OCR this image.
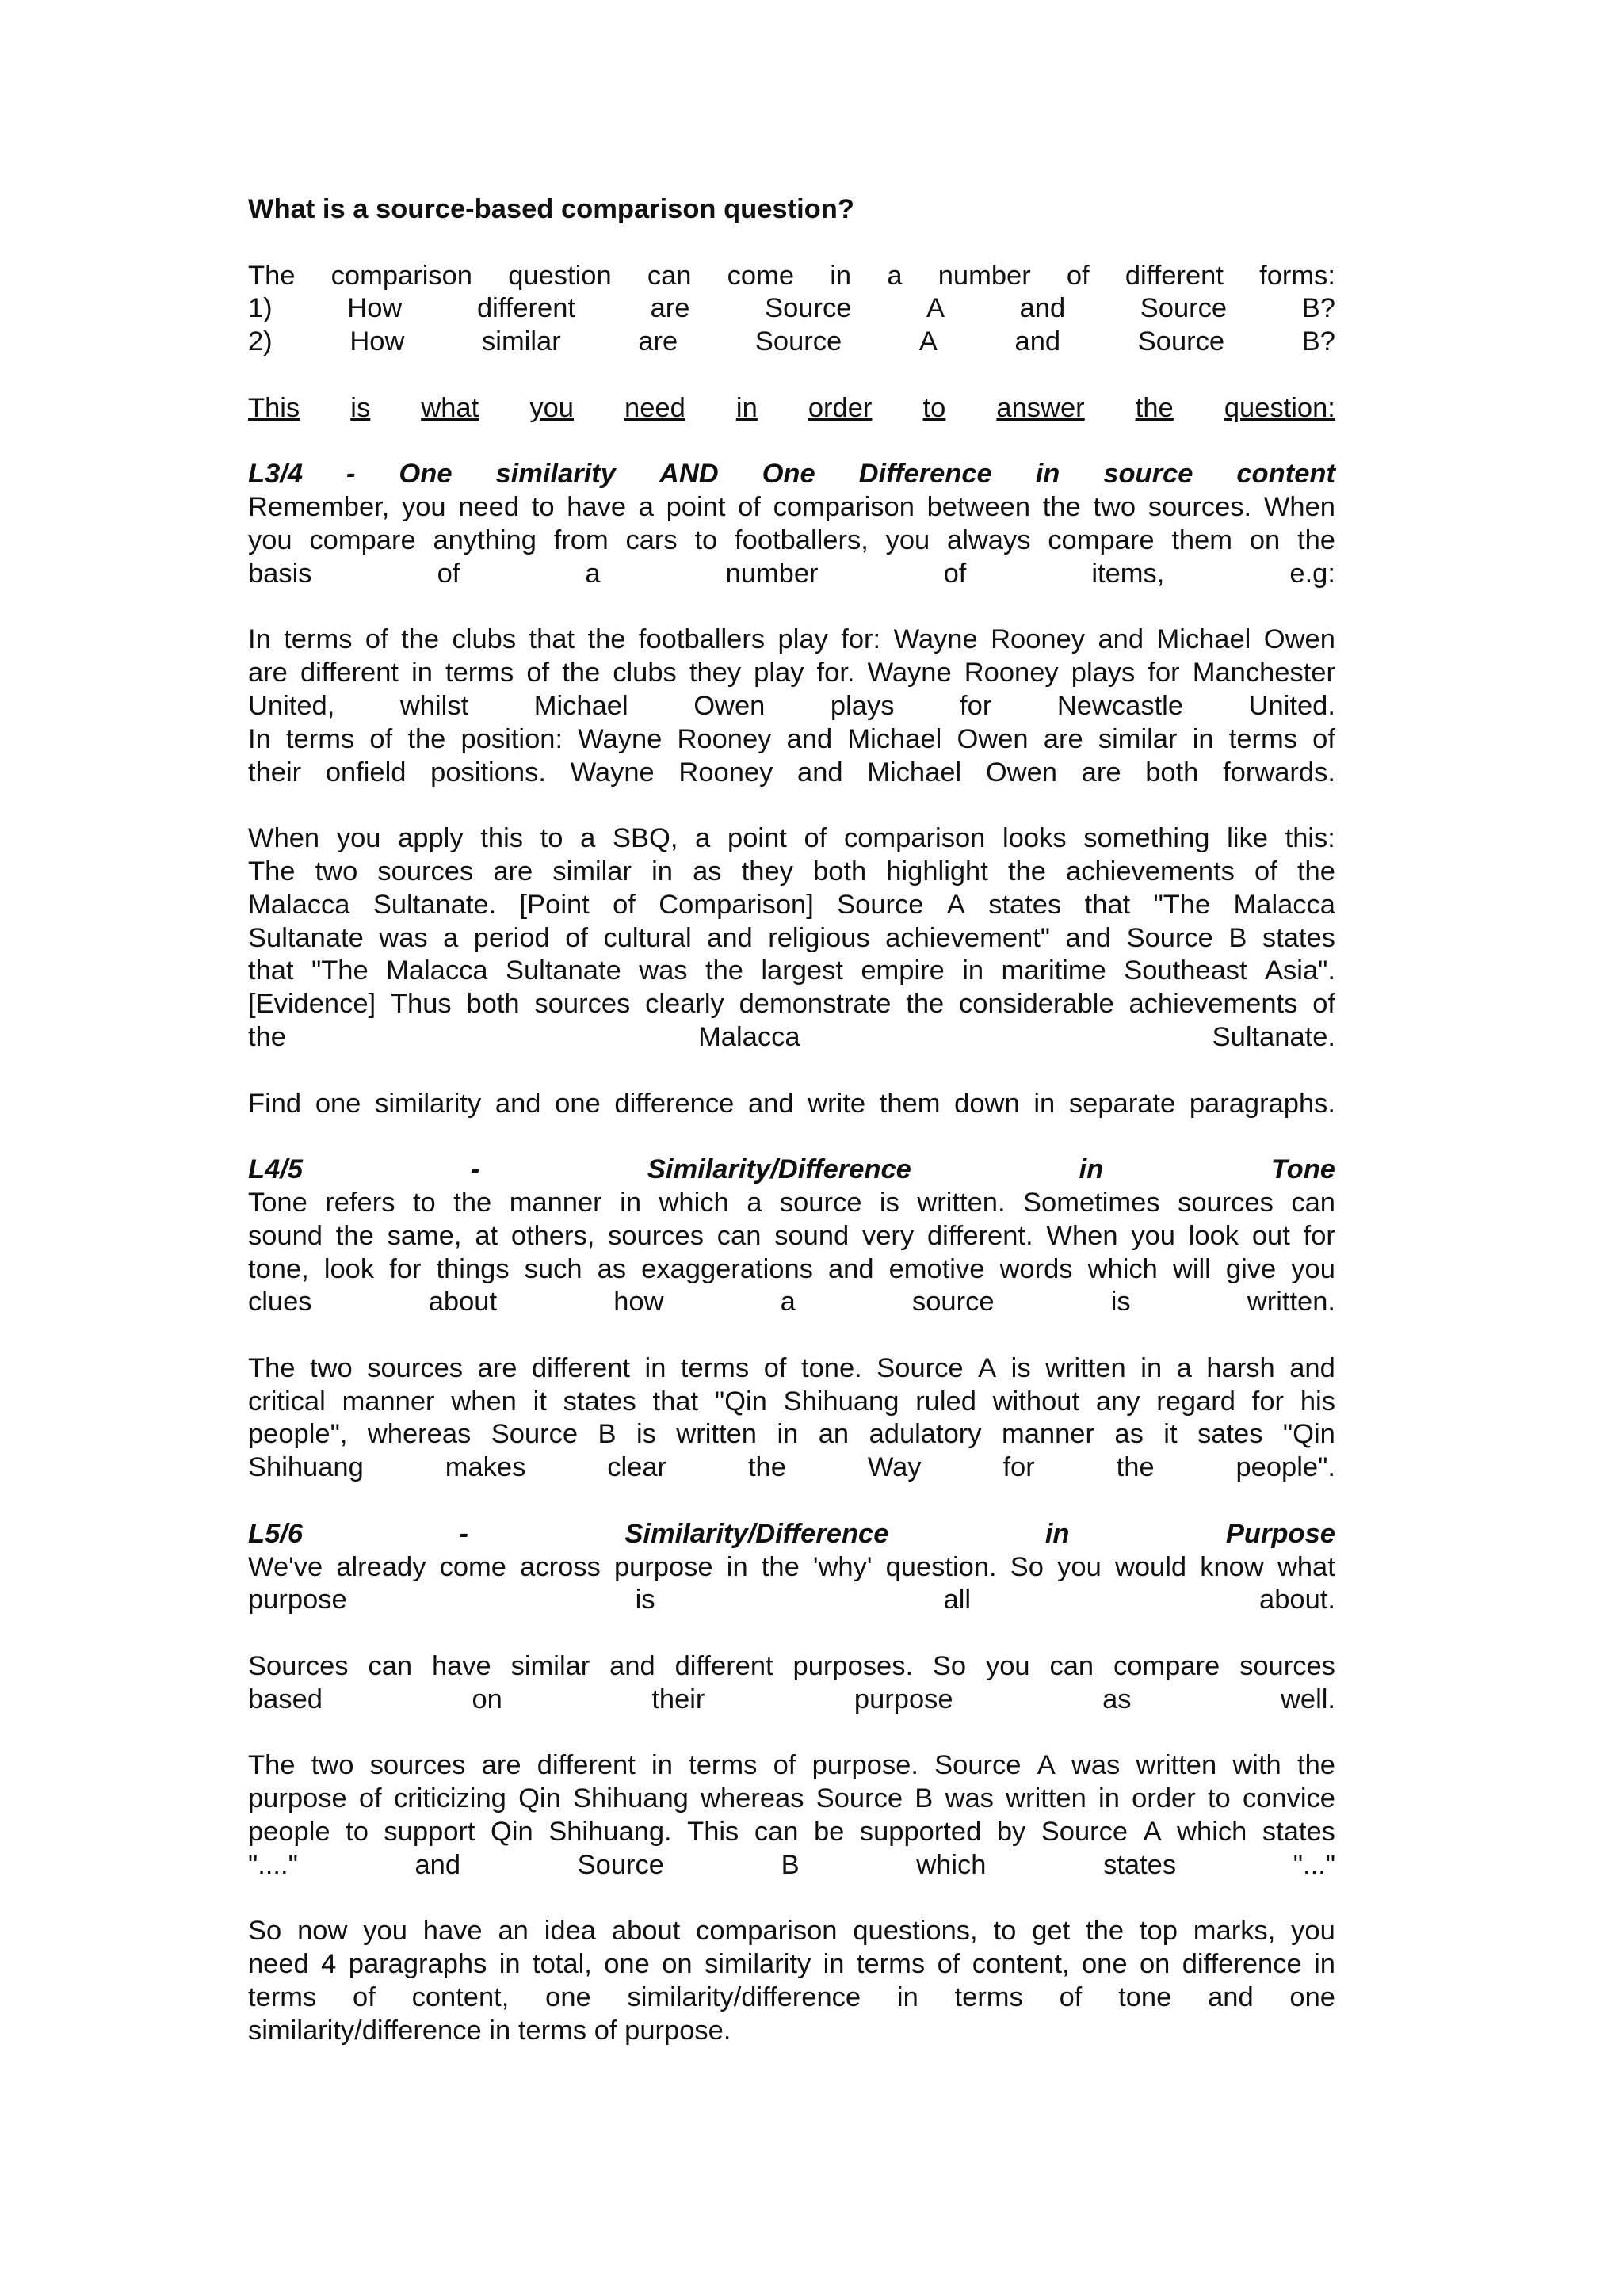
What is a source-based comparison question?
The comparison question can come in a number of different forms:
1)	How	different	are	Source	A	and	Source	B?
2)	How	similar	are	Source	A	and	Source	B?
This is what you need in order to answer the question:
L3/4 - One similarity AND One Difference in source content
Remember, you need to have a point of comparison between the two sources. When
you compare anything from cars to footballers, you always compare them on the
basis	of	a	number	of	items,	e.g:
In terms of the clubs that the footballers play for: Wayne Rooney and Michael Owen
are different in terms of the clubs they play for. Wayne Rooney plays for Manchester
United, whilst Michael Owen plays for Newcastle United.
In terms of the position: Wayne Rooney and Michael Owen are similar in terms of
their onfield positions. Wayne Rooney and Michael Owen are both forwards.
When you apply this to a SBQ, a point of comparison looks something like this:
The two sources are similar in as they both highlight the achievements of the
Malacca Sultanate. [Point of Comparison] Source A states that "The Malacca
Sultanate was a period of cultural and religious achievement" and Source B states
that "The Malacca Sultanate was the largest empire in maritime Southeast Asia".
[Evidence] Thus both sources clearly demonstrate the considerable achievements of
the	Malacca	Sultanate.
Find one similarity and one difference and write them down in separate paragraphs.
L4/5	-	Similarity/Difference	in	Tone
Tone refers to the manner in which a source is written. Sometimes sources can
sound the same, at others, sources can sound very different. When you look out for
tone, look for things such as exaggerations and emotive words which will give you
clues	about	how	a	source	is	written.
The two sources are different in terms of tone. Source A is written in a harsh and
critical manner when it states that "Qin Shihuang ruled without any regard for his
people", whereas Source B is written in an adulatory manner as it sates "Qin
Shihuang	makes	clear	the	Way	for	the	people".
L5/6	-	Similarity/Difference	in	Purpose
We've already come across purpose in the 'why' question. So you would know what
purpose	is	all	about.
Sources can have similar and different purposes. So you can compare sources
based	on	their	purpose	as	well.
The two sources are different in terms of purpose. Source A was written with the
purpose of criticizing Qin Shihuang whereas Source B was written in order to convice
people to support Qin Shihuang. This can be supported by Source A which states
"...."	and	Source	B	which	states	"..."
So now you have an idea about comparison questions, to get the top marks, you
need 4 paragraphs in total, one on similarity in terms of content, one on difference in
terms of content, one similarity/difference in terms of tone and one
similarity/difference in terms of purpose.
